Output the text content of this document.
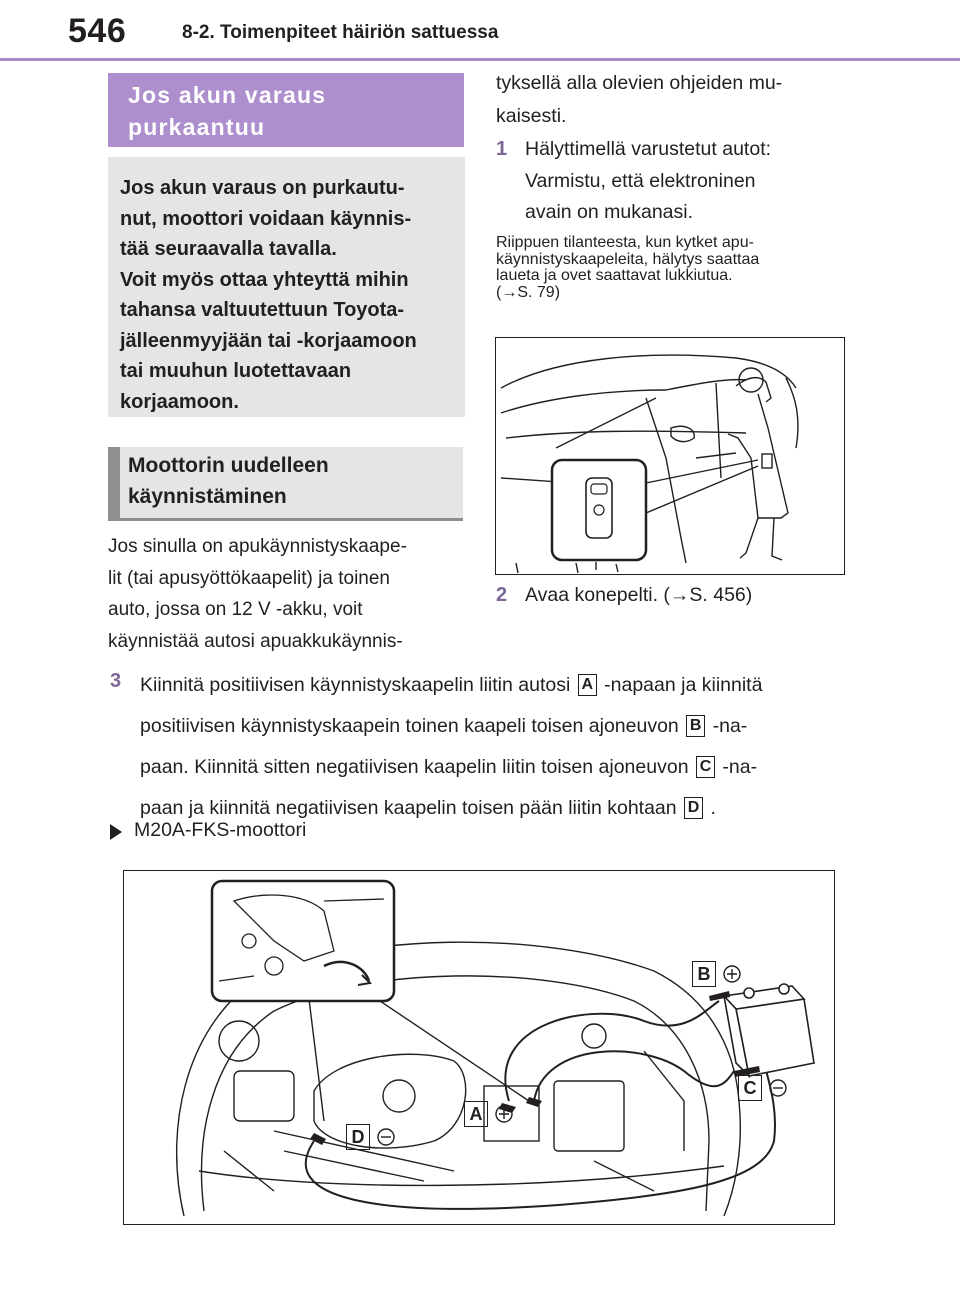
546	8-2. Toimenpiteet häiriön sattuessa
Jos akun varaus
purkaantuu
Jos akun varaus on purkautu-
nut, moottori voidaan käynnis-
tää seuraavalla tavalla.
Voit myös ottaa yhteyttä mihin
tahansa valtuutettuun Toyota-
jälleenmyyjään tai -korjaamoon
tai muuhun luotettavaan
korjaamoon.
Moottorin uudelleen
käynnistäminen
Jos sinulla on apukäynnistyskaape-
lit (tai apusyöttökaapelit) ja toinen
auto, jossa on 12 V -akku, voit
käynnistää autosi apuakkukäynnis-
tyksellä alla olevien ohjeiden mu-
kaisesti.
1 Hälyttimellä varustetut autot:
Varmistu, että elektroninen
avain on mukanasi.
Riippuen tilanteesta, kun kytket apu-
käynnistyskaapeleita, hälytys saattaa
laueta ja ovet saattavat lukkiutua.
(→S. 79)
2 Avaa konepelti. (→S. 456)
3 Kiinnitä positiivisen käynnistyskaapelin liitin autosi A -napaan ja kiinnitä
positiivisen käynnistyskaapein toinen kaapeli toisen ajoneuvon B -na-
paan. Kiinnitä sitten negatiivisen kaapelin liitin toisen ajoneuvon C -na-
paan ja kiinnitä negatiivisen kaapelin toisen pään liitin kohtaan D .
M20A-FKS-moottori
B
C
A
D
